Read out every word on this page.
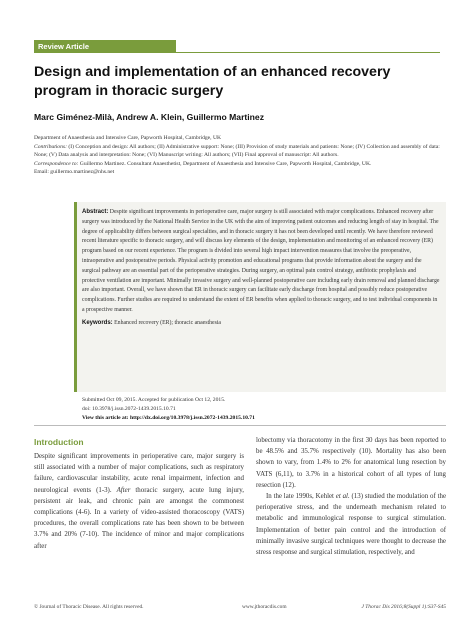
Review Article
Design and implementation of an enhanced recovery program in thoracic surgery
Marc Giménez-Milà, Andrew A. Klein, Guillermo Martinez

Department of Anaesthesia and Intensive Care, Papworth Hospital, Cambridge, UK

Contributions: (I) Conception and design: All authors; (II) Administrative support: None; (III) Provision of study materials and patients: None; (IV) Collection and assembly of data: None; (V) Data analysis and interpretation: None; (VI) Manuscript writing: All authors; (VII) Final approval of manuscript: All authors.

Correspondence to: Guillermo Martinez. Consultant Anaesthetist, Department of Anaesthesia and Intensive Care, Papworth Hospital, Cambridge, UK.

Email: guillermo.martinez@nhs.net

Abstract: Despite significant improvements in perioperative care, major surgery is still associated with major complications. Enhanced recovery after surgery was introduced by the National Health Service in the UK with the aim of improving patient outcomes and reducing length of stay in hospital. The degree of applicability differs between surgical specialties, and in thoracic surgery it has not been developed until recently. We have therefore reviewed recent literature specific to thoracic surgery, and will discuss key elements of the design, implementation and monitoring of an enhanced recovery (ER) program based on our recent experience. The program is divided into several high impact intervention measures that involve the preoperative, intraoperative and postoperative periods. Physical activity promotion and educational programs that provide information about the surgery and the surgical pathway are an essential part of the perioperative strategies. During surgery, an optimal pain control strategy, antibiotic prophylaxis and protective ventilation are important. Minimally invasive surgery and well-planned postoperative care including early drain removal and planned discharge are also important. Overall, we have shown that ER in thoracic surgery can facilitate early discharge from hospital and possibly reduce postoperative complications. Further studies are required to understand the extent of ER benefits when applied to thoracic surgery, and to test individual components in a prospective manner.

Keywords: Enhanced recovery (ER); thoracic anaesthesia

Submitted Oct 09, 2015. Accepted for publication Oct 12, 2015.
doi: 10.3978/j.issn.2072-1439.2015.10.71
View this article at: http://dx.doi.org/10.3978/j.issn.2072-1439.2015.10.71
Introduction

Despite significant improvements in perioperative care, major surgery is still associated with a number of major complications, such as respiratory failure, cardiovascular instability, acute renal impairment, infection and neurological events (1-3). After thoracic surgery, acute lung injury, persistent air leak, and chronic pain are amongst the commonest complications (4-6). In a variety of video-assisted thoracoscopy (VATS) procedures, the overall complications rate has been shown to be between 3.7% and 20% (7-10). The incidence of minor and major complications after

lobectomy via thoracotomy in the first 30 days has been reported to be 48.5% and 35.7% respectively (10). Mortality has also been shown to vary, from 1.4% to 2% for anatomical lung resection by VATS (6,11), to 3.7% in a historical cohort of all types of lung resection (12).

In the late 1990s, Kehlet et al. (13) studied the modulation of the perioperative stress, and the underneath mechanism related to metabolic and immunological response to surgical stimulation. Implementation of better pain control and the introduction of minimally invasive surgical techniques were thought to decrease the stress response and surgical stimulation, respectively, and

© Journal of Thoracic Disease. All rights reserved.	www.jthoracdis.com	J Thorac Dis 2016;8(Suppl 1):S37-S45
